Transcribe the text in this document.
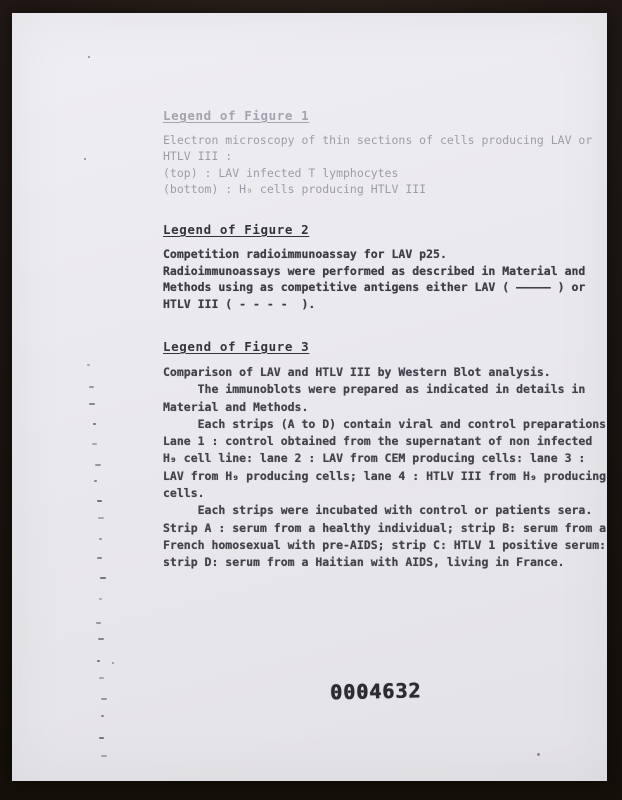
Legend of Figure 1
Electron microscopy of thin sections of cells producing LAV or
HTLV III :
(top) : LAV infected T lymphocytes
(bottom) : H₉ cells producing HTLV III
Legend of Figure 2
Competition radioimmunoassay for LAV p25.
Radioimmunoassays were performed as described in Material and
Methods using as competitive antigens either LAV ( ————— ) or
HTLV III ( - - - -  ).
Legend of Figure 3
Comparison of LAV and HTLV III by Western Blot analysis.
The immunoblots were prepared as indicated in details in
Material and Methods.
Each strips (A to D) contain viral and control preparations
Lane 1 : control obtained from the supernatant of non infected
H₉ cell line: lane 2 : LAV from CEM producing cells: lane 3 :
LAV from H₉ producing cells; lane 4 : HTLV III from H₉ producing
cells.
Each strips were incubated with control or patients sera.
Strip A : serum from a healthy individual; strip B: serum from a
French homosexual with pre-AIDS; strip C: HTLV 1 positive serum:
strip D: serum from a Haitian with AIDS, living in France.
0004632
